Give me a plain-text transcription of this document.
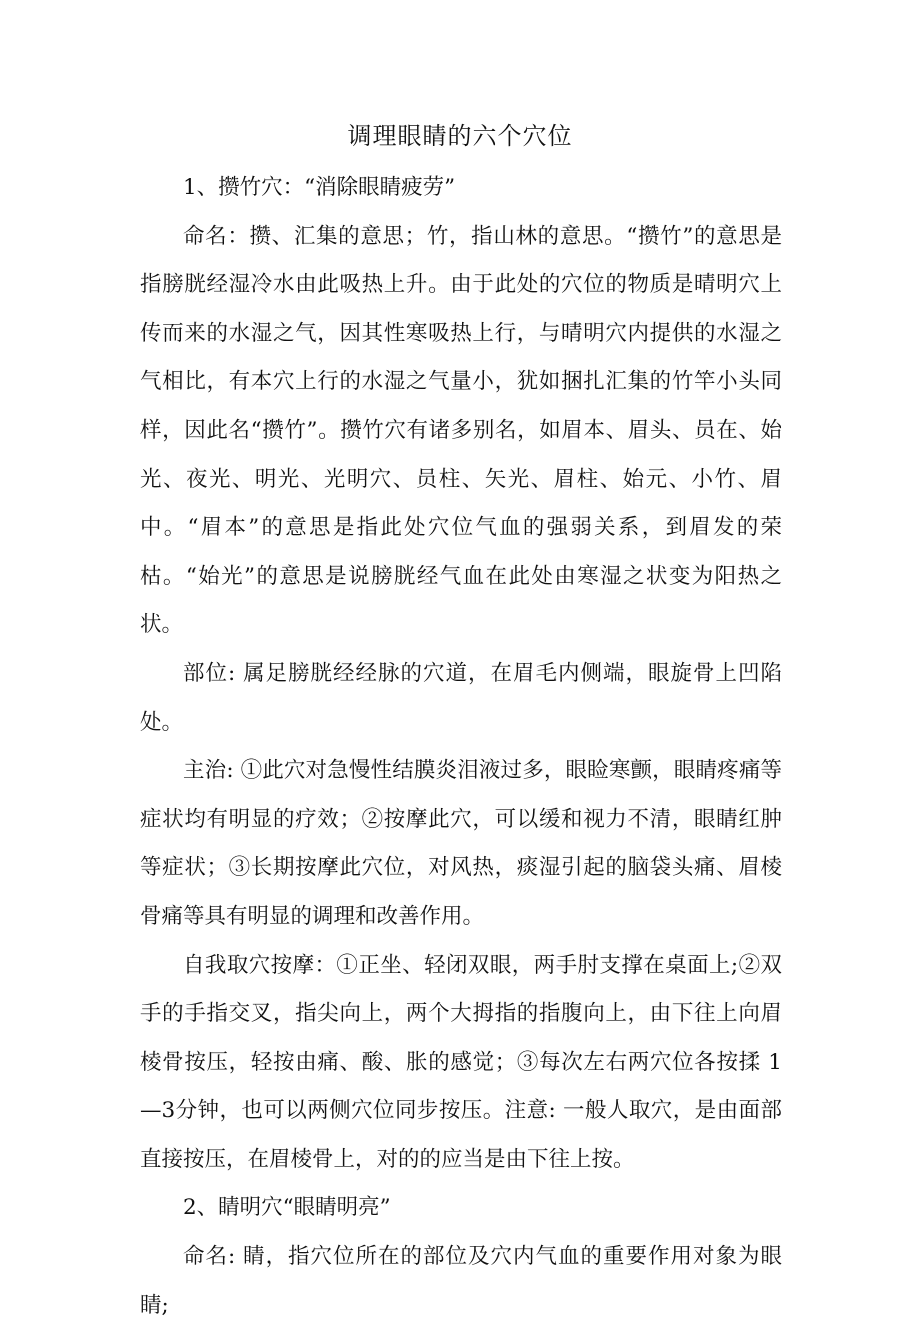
调理眼睛的六个穴位

1、攒竹穴：“消除眼睛疲劳”

命名：攒、汇集的意思；竹，指山林的意思。“攒竹”的意思是指膀胱经湿冷水由此吸热上升。由于此处的穴位的物质是晴明穴上传而来的水湿之气，因其性寒吸热上行，与晴明穴内提供的水湿之气相比，有本穴上行的水湿之气量小，犹如捆扎汇集的竹竿小头同样，因此名“攒竹”。攒竹穴有诸多别名，如眉本、眉头、员在、始光、夜光、明光、光明穴、员柱、矢光、眉柱、始元、小竹、眉中。“眉本”的意思是指此处穴位气血的强弱关系，到眉发的荣枯。“始光”的意思是说膀胱经气血在此处由寒湿之状变为阳热之状。

部位: 属足膀胱经经脉的穴道，在眉毛内侧端，眼旋骨上凹陷处。

主治: ①此穴对急慢性结膜炎泪液过多，眼睑寒颤，眼睛疼痛等症状均有明显的疗效；②按摩此穴，可以缓和视力不清，眼睛红肿等症状；③长期按摩此穴位，对风热，痰湿引起的脑袋头痛、眉棱骨痛等具有明显的调理和改善作用。

自我取穴按摩：①正坐、轻闭双眼，两手肘支撑在桌面上;②双手的手指交叉，指尖向上，两个大拇指的指腹向上，由下往上向眉棱骨按压，轻按由痛、酸、胀的感觉；③每次左右两穴位各按揉 1—3分钟，也可以两侧穴位同步按压。注意: 一般人取穴，是由面部直接按压，在眉棱骨上，对的的应当是由下往上按。

2、睛明穴“眼睛明亮”

命名: 睛，指穴位所在的部位及穴内气血的重要作用对象为眼睛;
